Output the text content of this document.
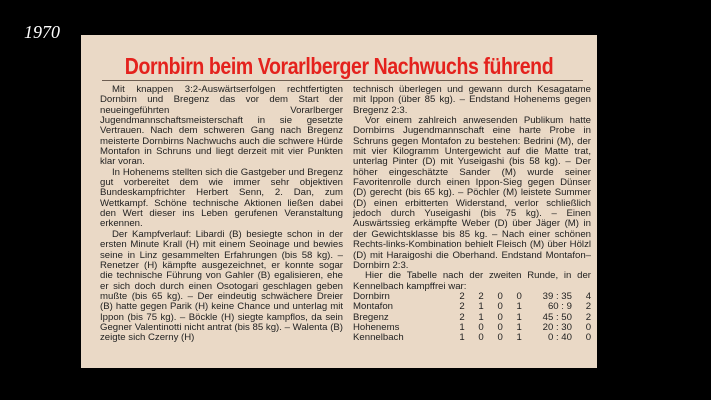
1970
Dornbirn beim Vorarlberger Nachwuchs führend

Mit knappen 3:2-Auswärtserfolgen rechtfertigten Dornbirn und Bregenz das vor dem Start der neueingeführten Vorarlberger Jugendmannschaftsmeisterschaft in sie gesetzte Vertrauen. Nach dem schweren Gang nach Bregenz meisterte Dornbirns Nachwuchs auch die schwere Hürde Montafon in Schruns und liegt derzeit mit vier Punkten klar voran.

In Hohenems stellten sich die Gastgeber und Bregenz gut vorbereitet dem wie immer sehr objektiven Bundeskampfrichter Herbert Senn, 2. Dan, zum Wettkampf. Schöne technische Aktionen ließen dabei den Wert dieser ins Leben gerufenen Veranstaltung erkennen.

Der Kampfverlauf: Libardi (B) besiegte schon in der ersten Minute Krall (H) mit einem Seoinage und bewies seine in Linz gesammelten Erfahrungen (bis 58 kg). – Renetzer (H) kämpfte ausgezeichnet, er konnte sogar die technische Führung von Gahler (B) egalisieren, ehe er sich doch durch einen Osotogari geschlagen geben mußte (bis 65 kg). – Der eindeutig schwächere Dreier (B) hatte gegen Parik (H) keine Chance und unterlag mit Ippon (bis 75 kg). – Böckle (H) siegte kampflos, da sein Gegner Valentinotti nicht antrat (bis 85 kg). – Walenta (B) zeigte sich Czerny (H)

technisch überlegen und gewann durch Kesagatame mit Ippon (über 85 kg). – Endstand Hohenems gegen Bregenz 2:3.

Vor einem zahlreich anwesenden Publikum hatte Dornbirns Jugendmannschaft eine harte Probe in Schruns gegen Montafon zu bestehen: Bedrini (M), der mit vier Kilogramm Untergewicht auf die Matte trat, unterlag Pinter (D) mit Yuseigashi (bis 58 kg). – Der höher eingeschätzte Sander (M) wurde seiner Favoritenrolle durch einen Ippon-Sieg gegen Dünser (D) gerecht (bis 65 kg). – Pöchler (M) leistete Summer (D) einen erbitterten Widerstand, verlor schließlich jedoch durch Yuseigashi (bis 75 kg). – Einen Auswärtssieg erkämpfte Weber (D) über Jäger (M) in der Gewichtsklasse bis 85 kg. – Nach einer schönen Rechts-links-Kombination behielt Fleisch (M) über Hölzl (D) mit Haraigoshi die Oberhand. Endstand Montafon–Dornbirn 2:3.

Hier die Tabelle nach der zweiten Runde, in der Kennelbach kampffrei war:

Dornbirn	2	2	0	0	39 : 35	4
Montafon	2	1	0	1	60 : 9	2
Bregenz	2	1	0	1	45 : 50	2
Hohenems	1	0	0	1	20 : 30	0
Kennelbach	1	0	0	1	0 : 40	0
